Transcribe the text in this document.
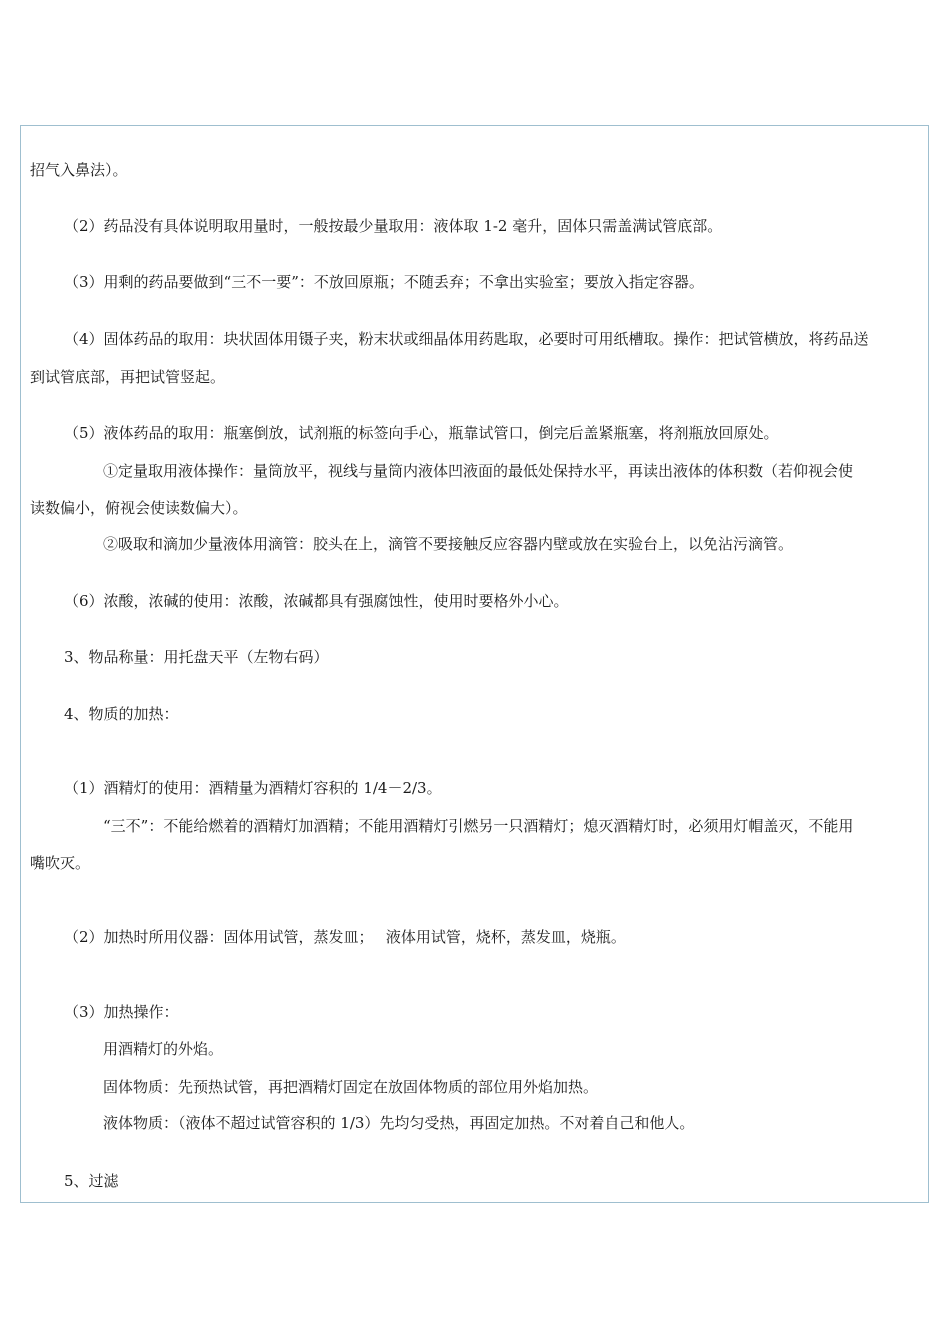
招气入鼻法）。
（2）药品没有具体说明取用量时，一般按最少量取用：液体取 1-2 毫升，固体只需盖满试管底部。
（3）用剩的药品要做到“三不一要”：不放回原瓶；不随丢弃；不拿出实验室；要放入指定容器。
（4）固体药品的取用：块状固体用镊子夹，粉末状或细晶体用药匙取，必要时可用纸槽取。操作：把试管横放，将药品送
到试管底部，再把试管竖起。
（5）液体药品的取用：瓶塞倒放，试剂瓶的标签向手心，瓶靠试管口，倒完后盖紧瓶塞，将剂瓶放回原处。
①定量取用液体操作：量筒放平，视线与量筒内液体凹液面的最低处保持水平，再读出液体的体积数（若仰视会使
读数偏小，俯视会使读数偏大）。
②吸取和滴加少量液体用滴管：胶头在上，滴管不要接触反应容器内壁或放在实验台上，以免沾污滴管。
（6）浓酸，浓碱的使用：浓酸，浓碱都具有强腐蚀性，使用时要格外小心。
3、物品称量：用托盘天平（左物右码）
4、物质的加热：
（1）酒精灯的使用：酒精量为酒精灯容积的 1/4－2/3。
“三不”：不能给燃着的酒精灯加酒精；不能用酒精灯引燃另一只酒精灯；熄灭酒精灯时，必须用灯帽盖灭，不能用
嘴吹灭。
（2）加热时所用仪器：固体用试管，蒸发皿；　 液体用试管，烧杯，蒸发皿，烧瓶。
（3）加热操作：
用酒精灯的外焰。
固体物质：先预热试管，再把酒精灯固定在放固体物质的部位用外焰加热。
液体物质：（液体不超过试管容积的 1/3）先均匀受热，再固定加热。不对着自己和他人。
5、过滤
